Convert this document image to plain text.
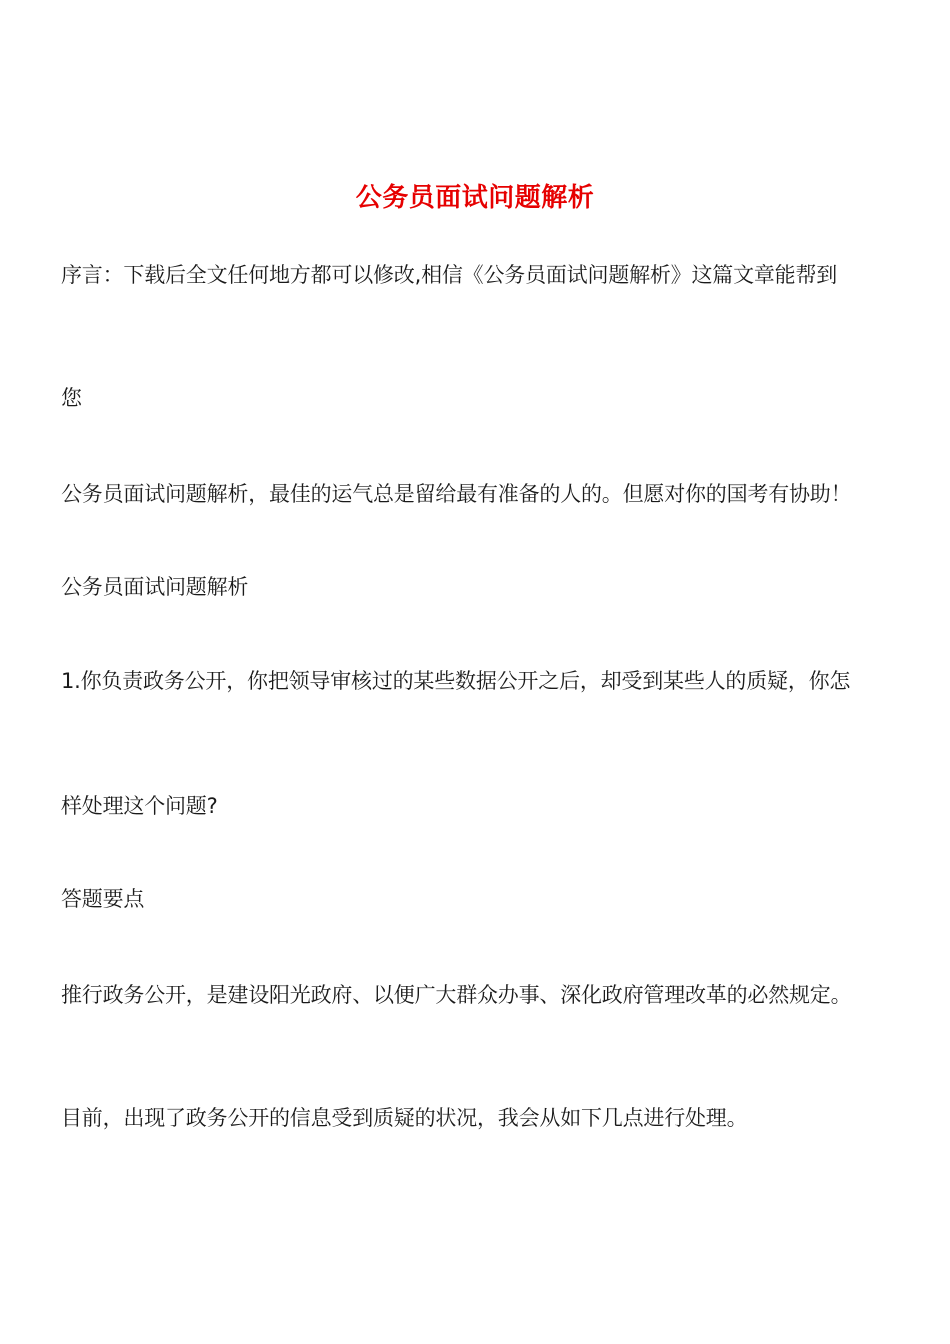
公务员面试问题解析
序言：下载后全文任何地方都可以修改,相信《公务员面试问题解析》这篇文章能帮到
您
公务员面试问题解析，最佳的运气总是留给最有准备的人的。但愿对你的国考有协助！
公务员面试问题解析
1.你负责政务公开，你把领导审核过的某些数据公开之后，却受到某些人的质疑，你怎
样处理这个问题?
答题要点
推行政务公开，是建设阳光政府、以便广大群众办事、深化政府管理改革的必然规定。
目前，出现了政务公开的信息受到质疑的状况，我会从如下几点进行处理。
